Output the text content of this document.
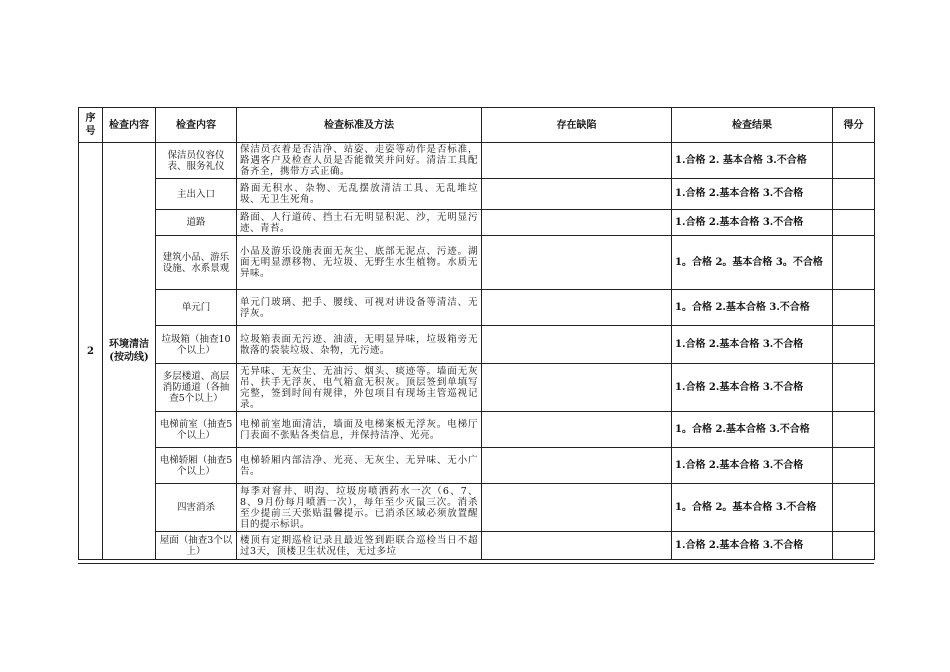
序号	检查内容	检查内容	检查标准及方法	存在缺陷	检查结果	得分
2	环境清洁(按动线)	保洁员仪容仪表、服务礼仪	保洁员衣着是否洁净、站姿、走姿等动作是否标准，路遇客户及检查人员是否能微笑并问好。清洁工具配备齐全，携带方式正确。		1.合格 2. 基本合格 3.不合格	
		主出入口	路面无积水、杂物、无乱摆放清洁工具、无乱堆垃圾、无卫生死角。		1.合格 2.基本合格 3.不合格	
		道路	路面、人行道砖、挡土石无明显积泥、沙，无明显污迹、青苔。		1.合格 2.基本合格 3.不合格	
		建筑小品、游乐设施、水系景观	小品及游乐设施表面无灰尘、底部无泥点、污迹。湖面无明显漂移物、无垃圾、无野生水生植物。水质无异味。		1。合格 2。基本合格 3。不合格	
		单元门	单元门玻璃、把手、腰线、可视对讲设备等清洁、无浮灰。		1。合格 2.基本合格 3.不合格	
		垃圾箱（抽查10个以上）	垃圾箱表面无污迹、油渍，无明显异味，垃圾箱旁无散落的袋装垃圾、杂物，无污迹。		1.合格 2.基本合格 3.不合格	
		多层楼道、高层消防通道（各抽查5个以上）	无异味、无灰尘、无油污、烟头、痰迹等。墙面无灰吊、扶手无浮灰、电气箱盒无积灰。顶层签到单填写完整，签到时间有规律，外包项目有现场主管巡视记录。		1.合格 2.基本合格 3.不合格	
		电梯前室（抽查5个以上）	电梯前室地面清洁，墙面及电梯案板无浮灰。电梯厅门表面不张贴各类信息，并保持洁净、光亮。		1。合格 2.基本合格 3.不合格	
		电梯轿厢（抽查5个以上）	电梯轿厢内部洁净、光亮、无灰尘、无异味、无小广告。		1.合格 2.基本合格 3.不合格	
		四害消杀	每季对窨井、明沟、垃圾房喷洒药水一次（6、7、8、9月份每月喷洒一次），每年至少灭鼠三次。消杀至少提前三天张贴温馨提示。已消杀区域必须放置醒目的提示标识。		1。合格 2。基本合格 3.不合格	
		屋面（抽查3个以上）	楼顶有定期巡检记录且最近签到距联合巡检当日不超过3天，顶楼卫生状况佳，无过多垃		1.合格 2.基本合格 3.不合格	
